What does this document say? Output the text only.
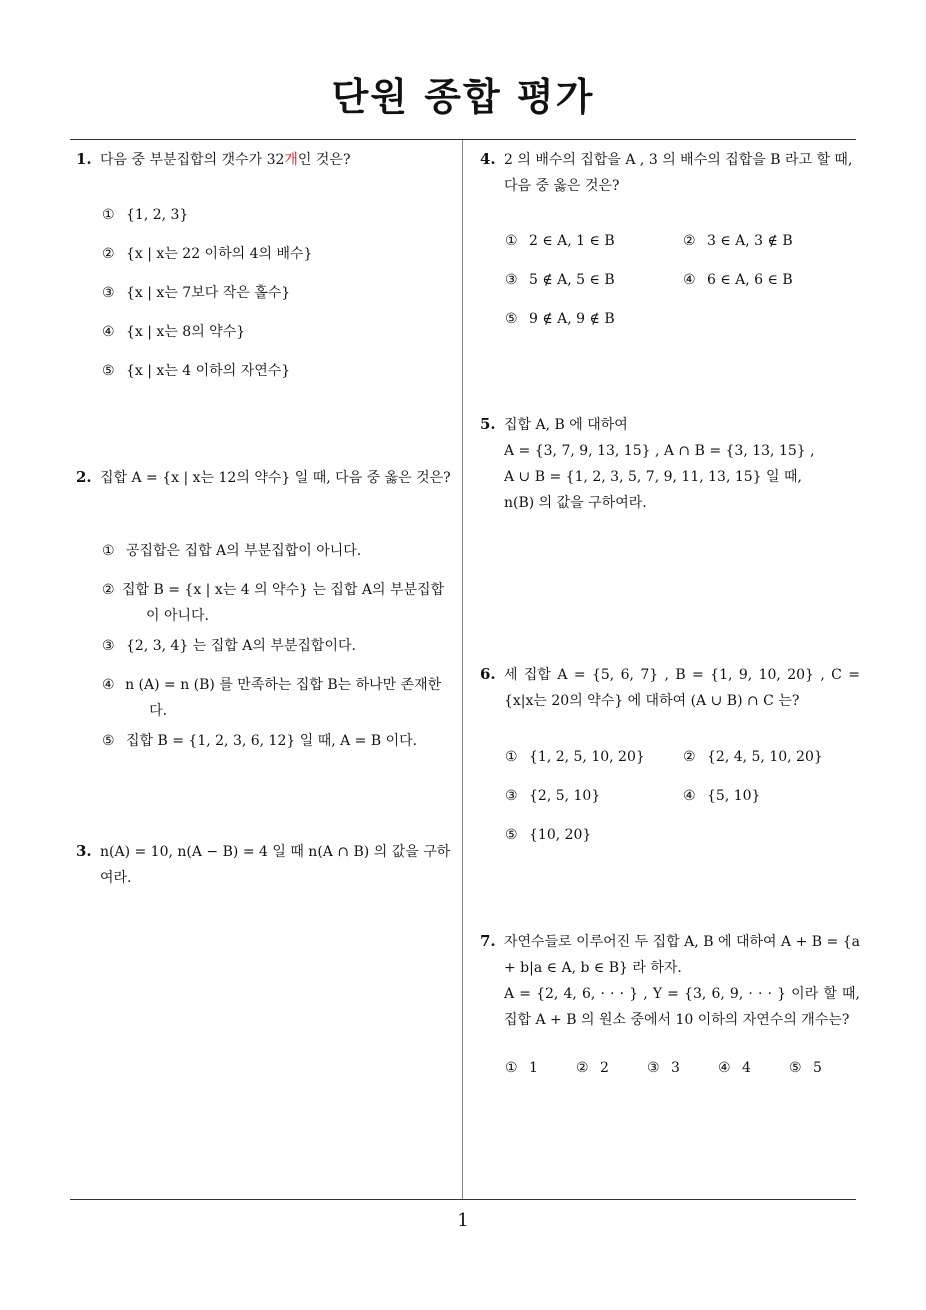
단원 종합 평가
1

1. 다음 중 부분집합의 갯수가 32개인 것은?

① {1, 2, 3}
② {x | x는 22 이하의 4의 배수}
③ {x | x는 7보다 작은 홀수}
④ {x | x는 8의 약수}
⑤ {x | x는 4 이하의 자연수}

2. 집합 A = {x | x는 12의 약수} 일 때, 다음 중 옳은 것은?

① 공집합은 집합 A의 부분집합이 아니다.
② 집합 B = {x | x는 4 의 약수} 는 집합 A의 부분집합이 아니다.
③ {2, 3, 4} 는 집합 A의 부분집합이다.
④ n (A) = n (B) 를 만족하는 집합 B는 하나만 존재한다.
⑤ 집합 B = {1, 2, 3, 6, 12} 일 때, A = B 이다.

3. n(A) = 10, n(A − B) = 4 일 때 n(A ∩ B) 의 값을 구하여라.

4. 2 의 배수의 집합을 A , 3 의 배수의 집합을 B 라고 할 때, 다음 중 옳은 것은?

① 2 ∈ A, 1 ∈ B	② 3 ∈ A, 3 ∉ B
③ 5 ∉ A, 5 ∈ B	④ 6 ∈ A, 6 ∈ B
⑤ 9 ∉ A, 9 ∉ B

5. 집합 A, B 에 대하여
A = {3, 7, 9, 13, 15} , A ∩ B = {3, 13, 15} ,
A ∪ B = {1, 2, 3, 5, 7, 9, 11, 13, 15} 일 때,
n(B) 의 값을 구하여라.

6. 세 집합 A = {5, 6, 7} , B = {1, 9, 10, 20} , C = {x|x는 20의 약수} 에 대하여 (A ∪ B) ∩ C 는?

① {1, 2, 5, 10, 20}	② {2, 4, 5, 10, 20}
③ {2, 5, 10}	④ {5, 10}
⑤ {10, 20}

7. 자연수들로 이루어진 두 집합 A, B 에 대하여 A + B = {a + b|a ∈ A, b ∈ B} 라 하자.
A = {2, 4, 6, · · · } , Y = {3, 6, 9, · · · } 이라 할 때, 집합 A + B 의 원소 중에서 10 이하의 자연수의 개수는?

① 1	② 2	③ 3	④ 4	⑤ 5
